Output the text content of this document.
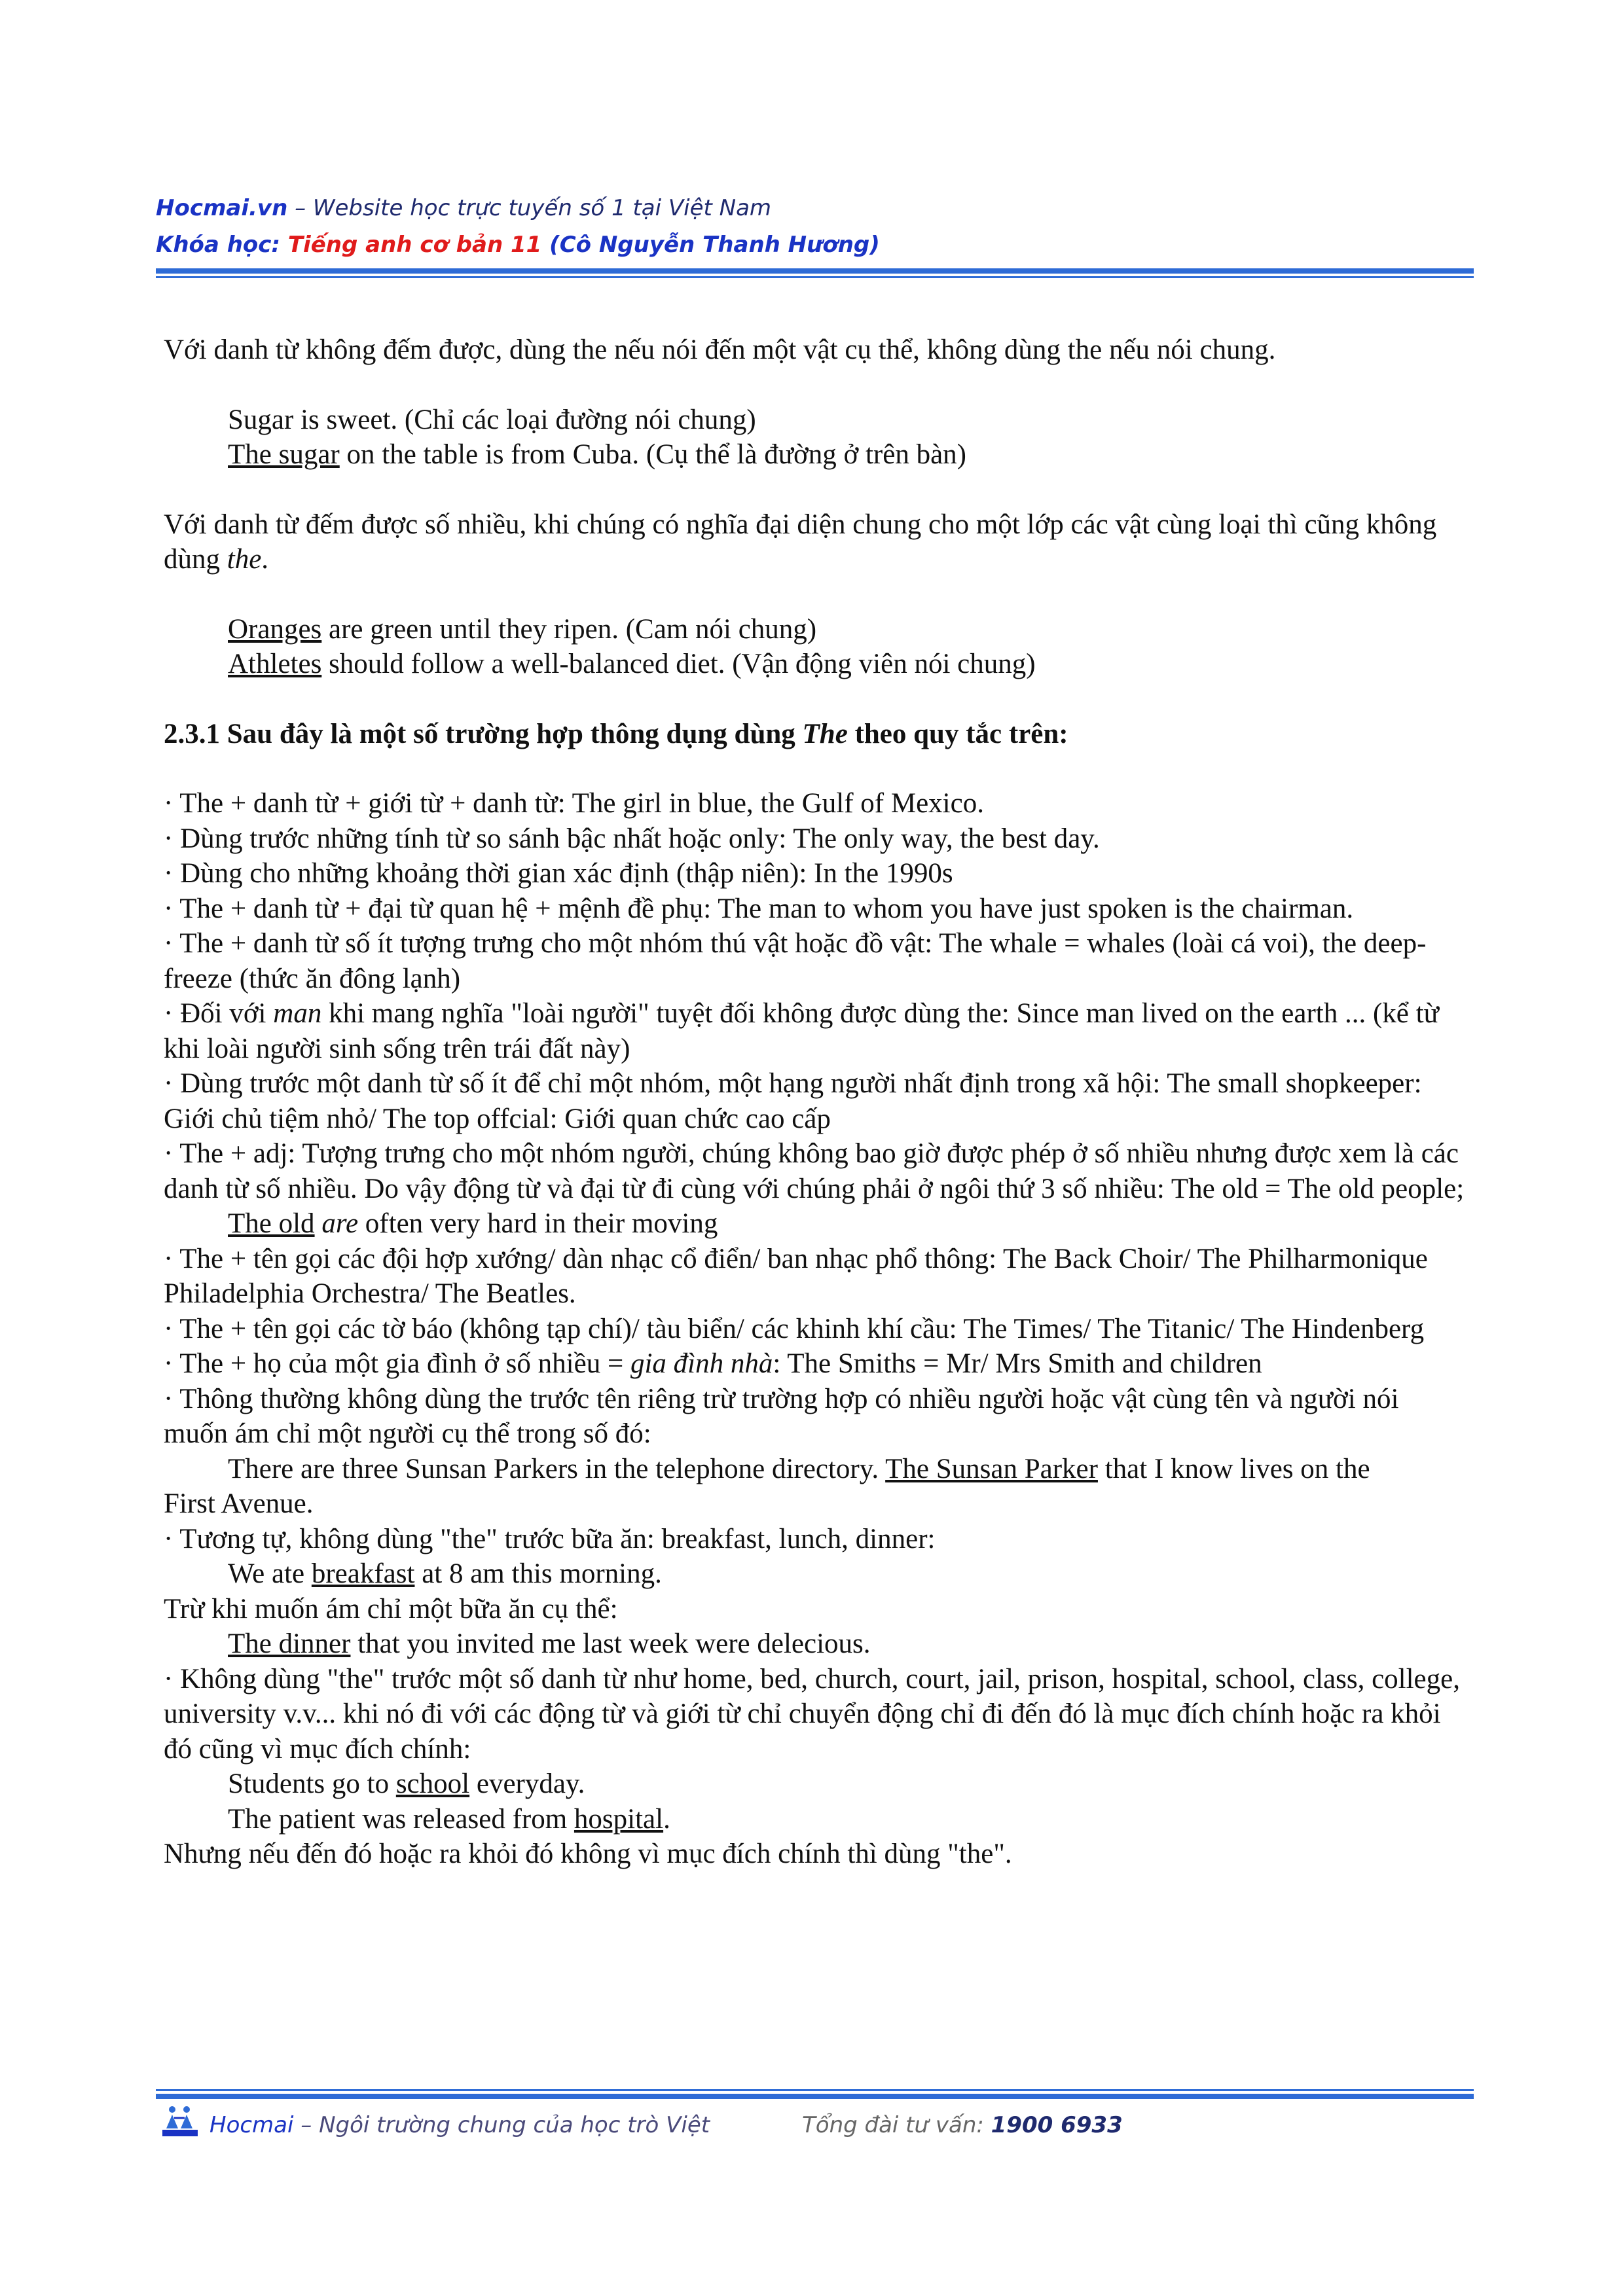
Hocmai.vn – Website học trực tuyến số 1 tại Việt Nam
Khóa học: Tiếng anh cơ bản 11 (Cô Nguyễn Thanh Hương)

Với danh từ không đếm được, dùng the nếu nói đến một vật cụ thể, không dùng the nếu nói chung.

Sugar is sweet. (Chỉ các loại đường nói chung)

The sugar on the table is from Cuba. (Cụ thể là đường ở trên bàn)

Với danh từ đếm được số nhiều, khi chúng có nghĩa đại diện chung cho một lớp các vật cùng loại thì cũng không dùng the.

Oranges are green until they ripen. (Cam nói chung)

Athletes should follow a well-balanced diet. (Vận động viên nói chung)

2.3.1 Sau đây là một số trường hợp thông dụng dùng The theo quy tắc trên:

· The + danh từ + giới từ + danh từ: The girl in blue, the Gulf of Mexico.

· Dùng trước những tính từ so sánh bậc nhất hoặc only: The only way, the best day.

· Dùng cho những khoảng thời gian xác định (thập niên): In the 1990s

· The + danh từ + đại từ quan hệ + mệnh đề phụ: The man to whom you have just spoken is the chairman.

· The + danh từ số ít tượng trưng cho một nhóm thú vật hoặc đồ vật: The whale = whales (loài cá voi), the deep-freeze (thức ăn đông lạnh)

· Đối với man khi mang nghĩa "loài người" tuyệt đối không được dùng the: Since man lived on the earth ... (kể từ khi loài người sinh sống trên trái đất này)

· Dùng trước một danh từ số ít để chỉ một nhóm, một hạng người nhất định trong xã hội: The small shopkeeper: Giới chủ tiệm nhỏ/ The top offcial: Giới quan chức cao cấp

· The + adj: Tượng trưng cho một nhóm người, chúng không bao giờ được phép ở số nhiều nhưng được xem là các danh từ số nhiều. Do vậy động từ và đại từ đi cùng với chúng phải ở ngôi thứ 3 số nhiều: The old = The old people;

The old are often very hard in their moving

· The + tên gọi các đội hợp xướng/ dàn nhạc cổ điển/ ban nhạc phổ thông: The Back Choir/ The Philharmonique Philadelphia Orchestra/ The Beatles.

· The + tên gọi các tờ báo (không tạp chí)/ tàu biển/ các khinh khí cầu: The Times/ The Titanic/ The Hindenberg

· The + họ của một gia đình ở số nhiều = gia đình nhà: The Smiths = Mr/ Mrs Smith and children

· Thông thường không dùng the trước tên riêng trừ trường hợp có nhiều người hoặc vật cùng tên và người nói muốn ám chỉ một người cụ thể trong số đó:

There are three Sunsan Parkers in the telephone directory. The Sunsan Parker that I know lives on the

First Avenue.

· Tương tự, không dùng "the" trước bữa ăn: breakfast, lunch, dinner:

We ate breakfast at 8 am this morning.

Trừ khi muốn ám chỉ một bữa ăn cụ thể:

The dinner that you invited me last week were delecious.

· Không dùng "the" trước một số danh từ như home, bed, church, court, jail, prison, hospital, school, class, college, university v.v... khi nó đi với các động từ và giới từ chỉ chuyển động chỉ đi đến đó là mục đích chính hoặc ra khỏi đó cũng vì mục đích chính:

Students go to school everyday.

The patient was released from hospital.

Nhưng nếu đến đó hoặc ra khỏi đó không vì mục đích chính thì dùng "the".

Hocmai – Ngôi trường chung của học trò Việt	Tổng đài tư vấn: 1900 6933
